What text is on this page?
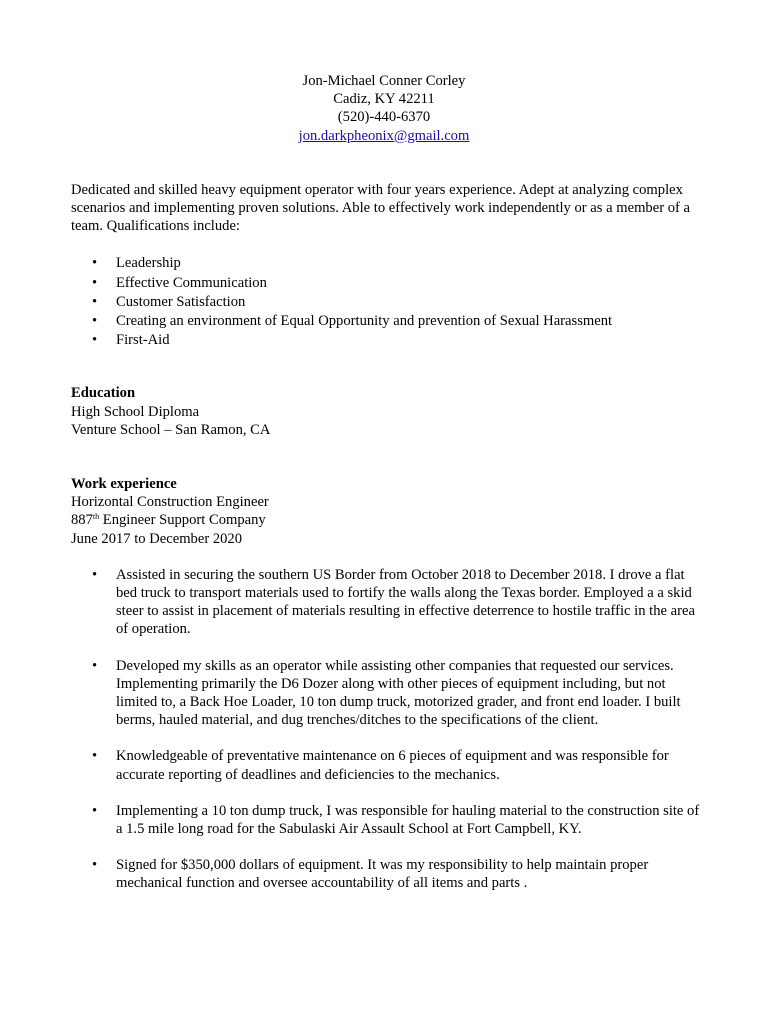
Jon-Michael Conner Corley
Cadiz, KY 42211
(520)-440-6370
jon.darkpheonix@gmail.com
Dedicated and skilled heavy equipment operator with four years experience. Adept at analyzing complex scenarios and implementing proven solutions. Able to effectively work independently or as a member of a team. Qualifications include:
• Leadership
• Effective Communication
• Customer Satisfaction
• Creating an environment of Equal Opportunity and prevention of Sexual Harassment
• First-Aid
Education
High School Diploma
Venture School – San Ramon, CA
Work experience
Horizontal Construction Engineer
887th Engineer Support Company
June 2017 to December 2020
• Assisted in securing the southern US Border from October 2018 to December 2018. I drove a flat bed truck to transport materials used to fortify the walls along the Texas border. Employed a a skid steer to assist in placement of materials resulting in effective deterrence to hostile traffic in the area of operation.
• Developed my skills as an operator while assisting other companies that requested our services. Implementing primarily the D6 Dozer along with other pieces of equipment including, but not limited to, a Back Hoe Loader, 10 ton dump truck, motorized grader, and front end loader. I built berms, hauled material, and dug trenches/ditches to the specifications of the client.
• Knowledgeable of preventative maintenance on 6 pieces of equipment and was responsible for accurate reporting of deadlines and deficiencies to the mechanics.
• Implementing a 10 ton dump truck, I was responsible for hauling material to the construction site of a 1.5 mile long road for the Sabulaski Air Assault School at Fort Campbell, KY.
• Signed for $350,000 dollars of equipment. It was my responsibility to help maintain proper mechanical function and oversee accountability of all items and parts .
